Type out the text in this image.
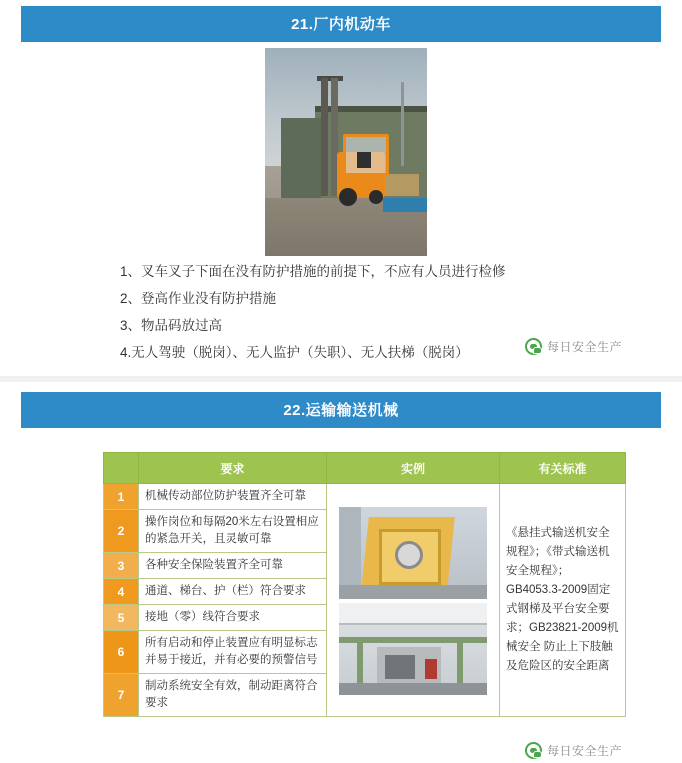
21.厂内机动车
1、叉车叉子下面在没有防护措施的前提下，不应有人员进行检修
2、登高作业没有防护措施
3、物品码放过高
4.无人驾驶（脱岗）、无人监护（失职）、无人扶梯（脱岗）	每日安全生产
22.运输输送机械
	要求	实例	有关标准
1	机械传动部位防护装置齐全可靠		《悬挂式输送机安全规程》；《带式输送机安全规程》；GB4053.3-2009固定式钢梯及平台安全要求；GB23821-2009机械安全 防止上下肢触及危险区的安全距离
2	操作岗位和每隔20米左右设置相应的紧急开关，且灵敏可靠		
3	各种安全保险装置齐全可靠		
4	通道、梯台、护（栏）符合要求		
5	接地（零）线符合要求		
6	所有启动和停止装置应有明显标志并易于接近，并有必要的预警信号		
7	制动系统安全有效，制动距离符合要求		
每日安全生产
